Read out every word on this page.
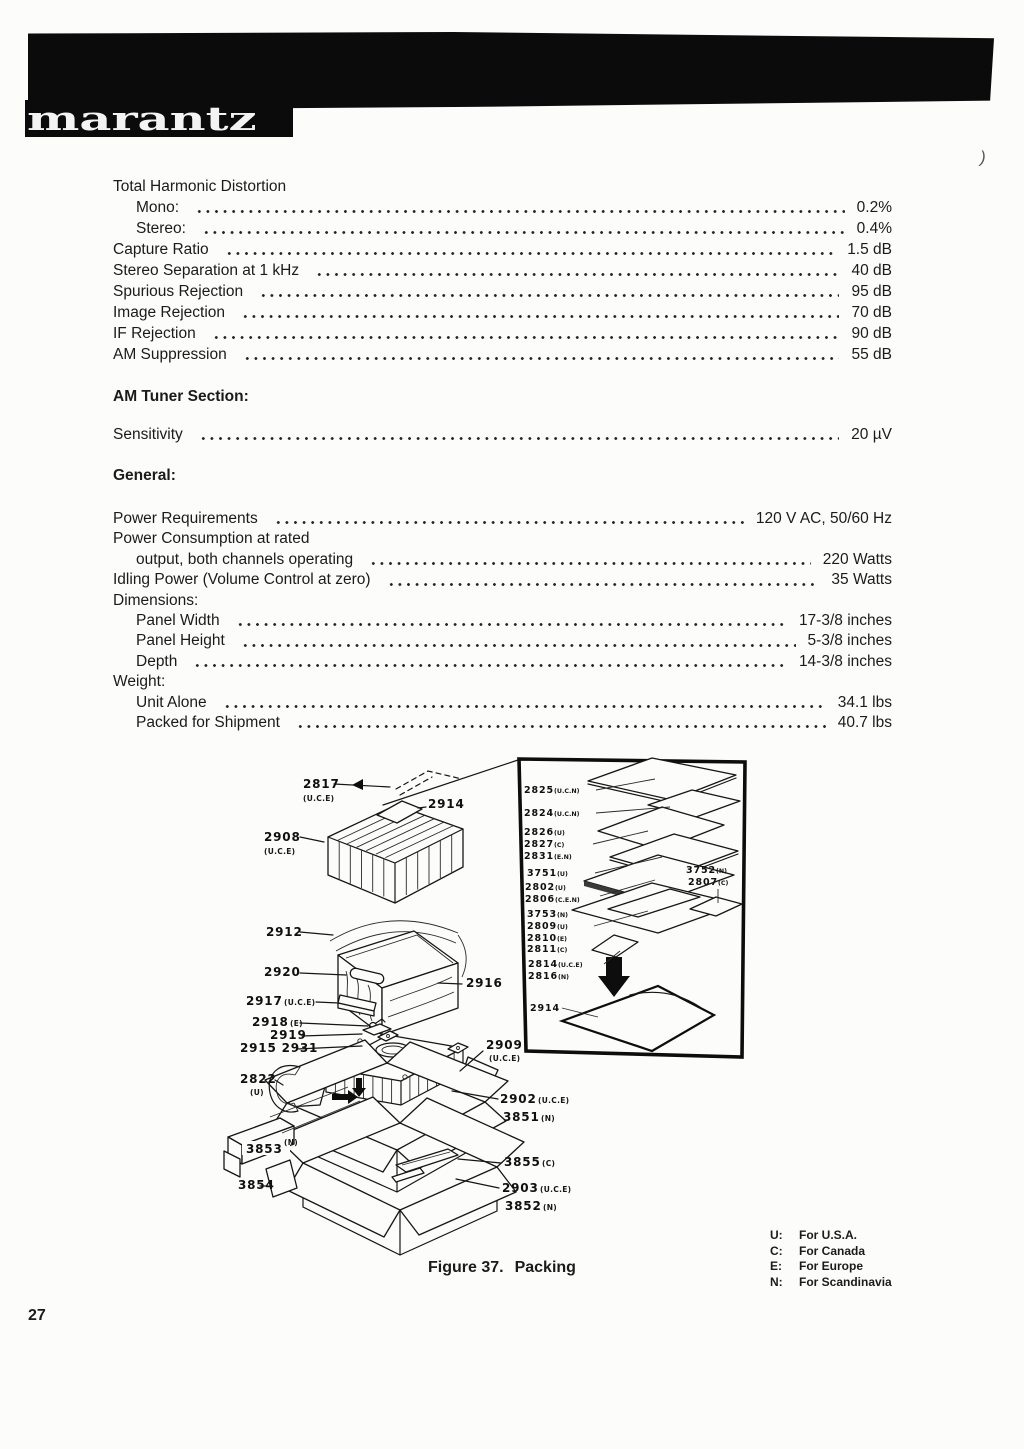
marantz
)
Total Harmonic Distortion
Mono:	0.2%
Stereo:	0.4%
Capture Ratio	1.5 dB
Stereo Separation at 1 kHz	40 dB
Spurious Rejection	95 dB
Image Rejection	70 dB
IF Rejection	90 dB
AM Suppression	55 dB
AM Tuner Section:
Sensitivity	20 µV
General:
Power Requirements	120 V AC, 50/60 Hz
Power Consumption at rated
output, both channels operating	220 Watts
Idling Power (Volume Control at zero)	35 Watts
Dimensions:
Panel Width	17-3/8 inches
Panel Height	5-3/8 inches
Depth	14-3/8 inches
Weight:
Unit Alone	34.1 lbs
Packed for Shipment	40.7 lbs
2825 (U.C.N)
2824 (U.C.N)
2826 (U)
2827 (C)
2831 (E.N)
3751 (U)
2802 (U)
2806 (C.E.N)
3753 (N)
2809 (U)
2810 (E)
2811 (C)
2814 (U.C.E)
2816 (N)
3752 (N)
2807 (C)
2914
2817
(U.C.E)	2914
2908
(U.C.E)
2912
2920
2916
2917 (U.C.E)
2918 (E)
2919
2915 2931	2909
(U.C.E)
2822
(U)
3853 (N)
3854
2902 (U.C.E)
3851 (N)
3855 (C)
2903 (U.C.E)
3852 (N)
Figure 37. Packing
U:	For U.S.A.
C:	For Canada
E:	For Europe
N:	For Scandinavia
27
